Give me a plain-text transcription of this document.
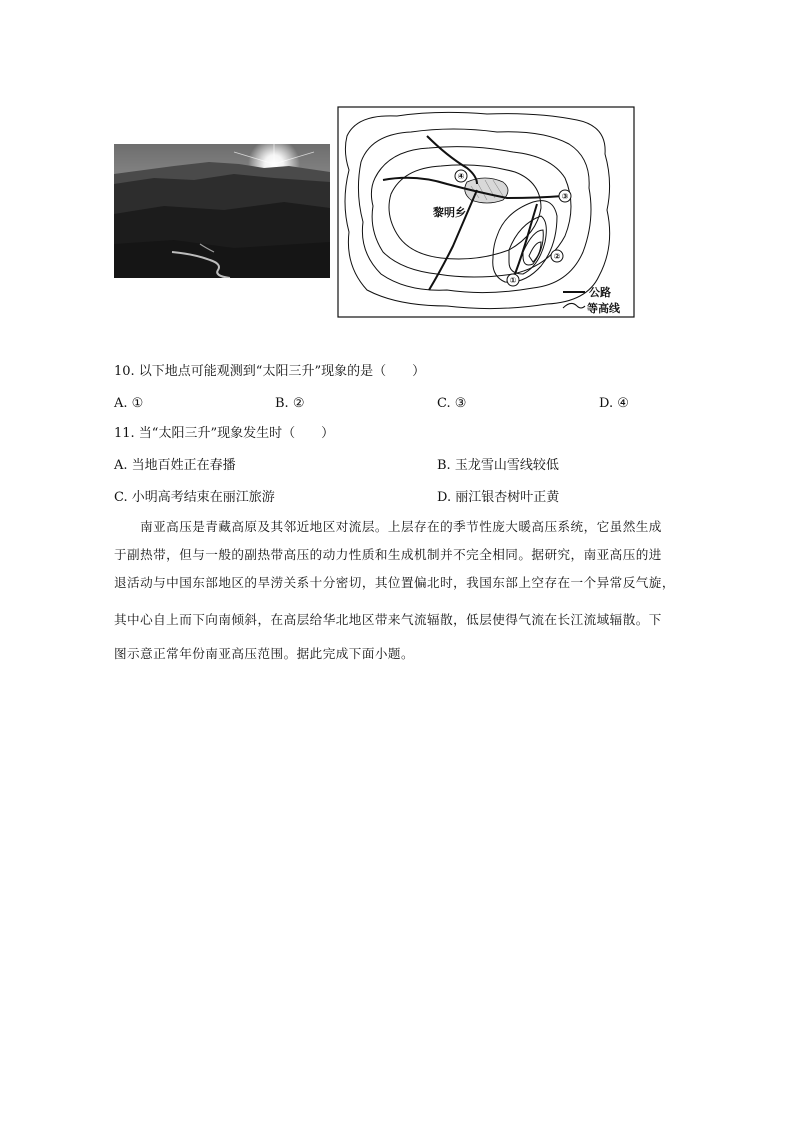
④
③
②
①
黎明乡
公路
等高线
10. 以下地点可能观测到“太阳三升”现象的是（　　）
A. ①	B. ②	C. ③	D. ④
11. 当“太阳三升”现象发生时（　　）
A. 当地百姓正在春播	B. 玉龙雪山雪线较低
C. 小明高考结束在丽江旅游	D. 丽江银杏树叶正黄
　　南亚高压是青藏高原及其邻近地区对流层。上层存在的季节性庞大暖高压系统，它虽然生成
于副热带，但与一般的副热带高压的动力性质和生成机制并不完全相同。据研究，南亚高压的进
退活动与中国东部地区的旱涝关系十分密切，其位置偏北时，我国东部上空存在一个异常反气旋，
其中心自上而下向南倾斜，在高层给华北地区带来气流辐散，低层使得气流在长江流域辐散。下
图示意正常年份南亚高压范围。据此完成下面小题。
